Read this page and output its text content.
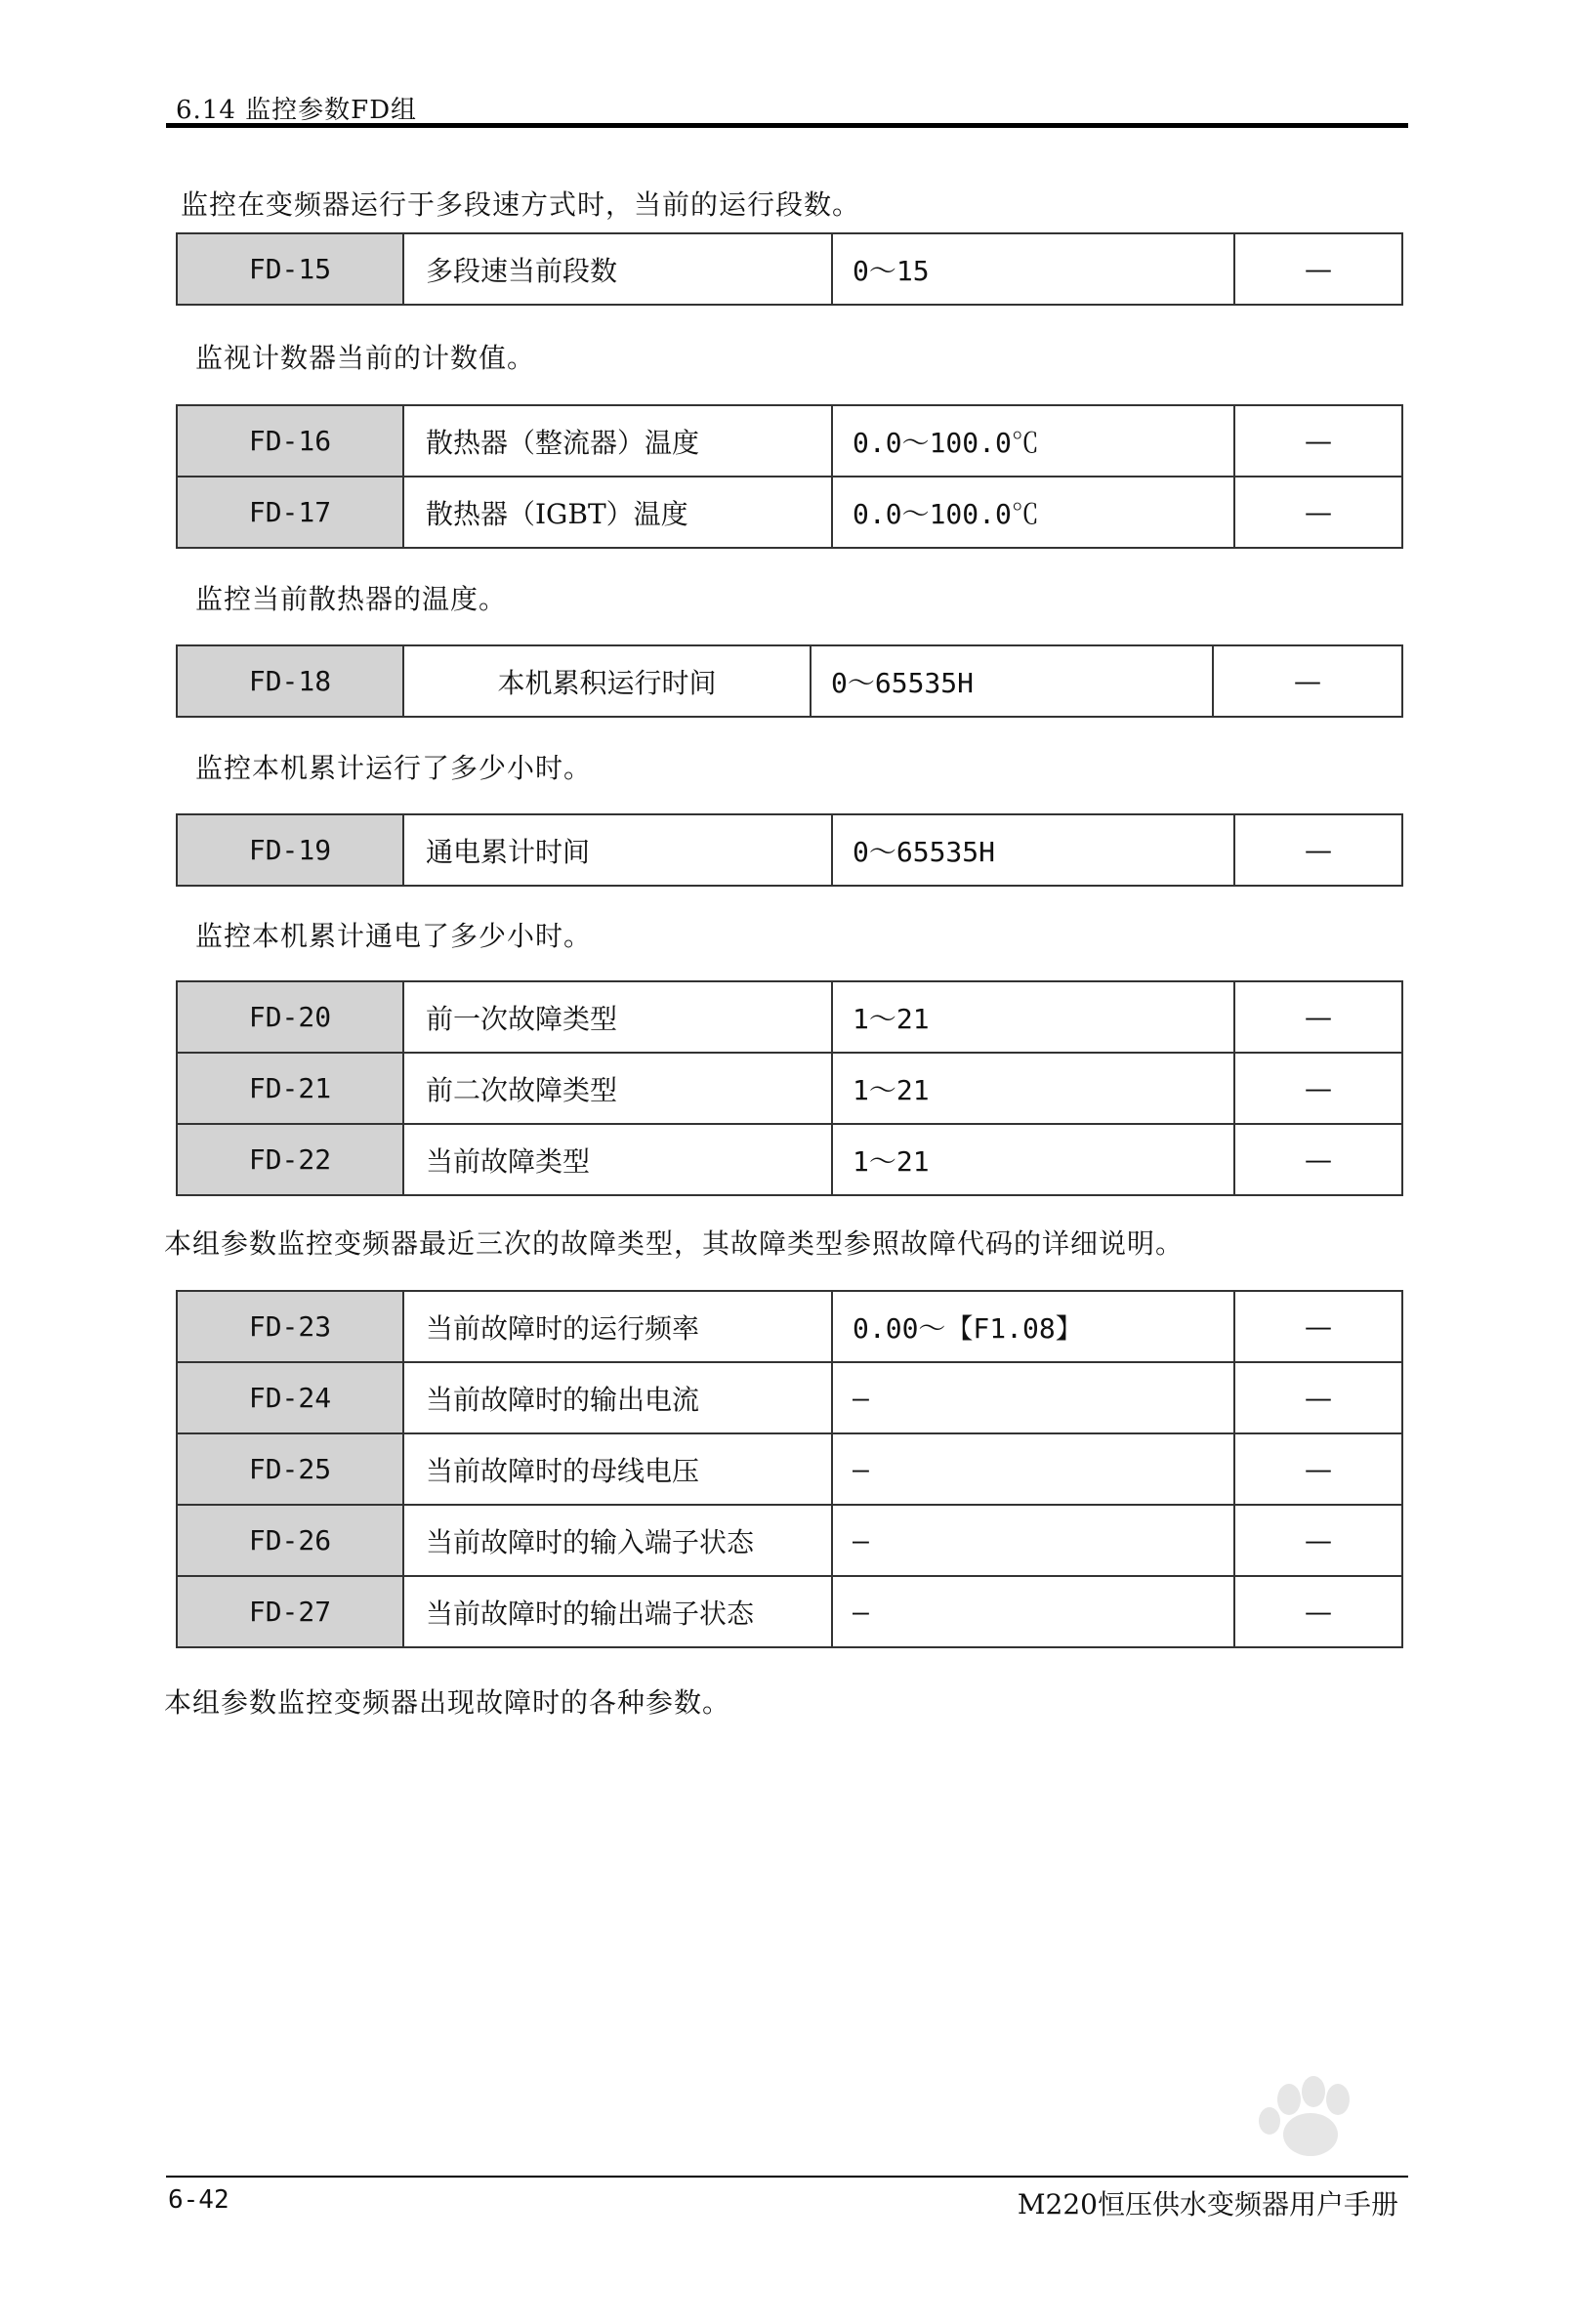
6.14 监控参数FD组
监控在变频器运行于多段速方式时，当前的运行段数。
FD-15	多段速当前段数	0～15	—
监视计数器当前的计数值。
FD-16	散热器（整流器）温度	0.0～100.0℃	—
FD-17	散热器（IGBT）温度	0.0～100.0℃	—
监控当前散热器的温度。
FD-18	本机累积运行时间	0～65535H	—
监控本机累计运行了多少小时。
FD-19	通电累计时间	0～65535H	—
监控本机累计通电了多少小时。
FD-20	前一次故障类型	1～21	—
FD-21	前二次故障类型	1～21	—
FD-22	当前故障类型	1～21	—
本组参数监控变频器最近三次的故障类型，其故障类型参照故障代码的详细说明。
FD-23	当前故障时的运行频率	0.00～【F1.08】	—
FD-24	当前故障时的输出电流	—	—
FD-25	当前故障时的母线电压	—	—
FD-26	当前故障时的输入端子状态	—	—
FD-27	当前故障时的输出端子状态	—	—
本组参数监控变频器出现故障时的各种参数。
6-42	M220恒压供水变频器用户手册
